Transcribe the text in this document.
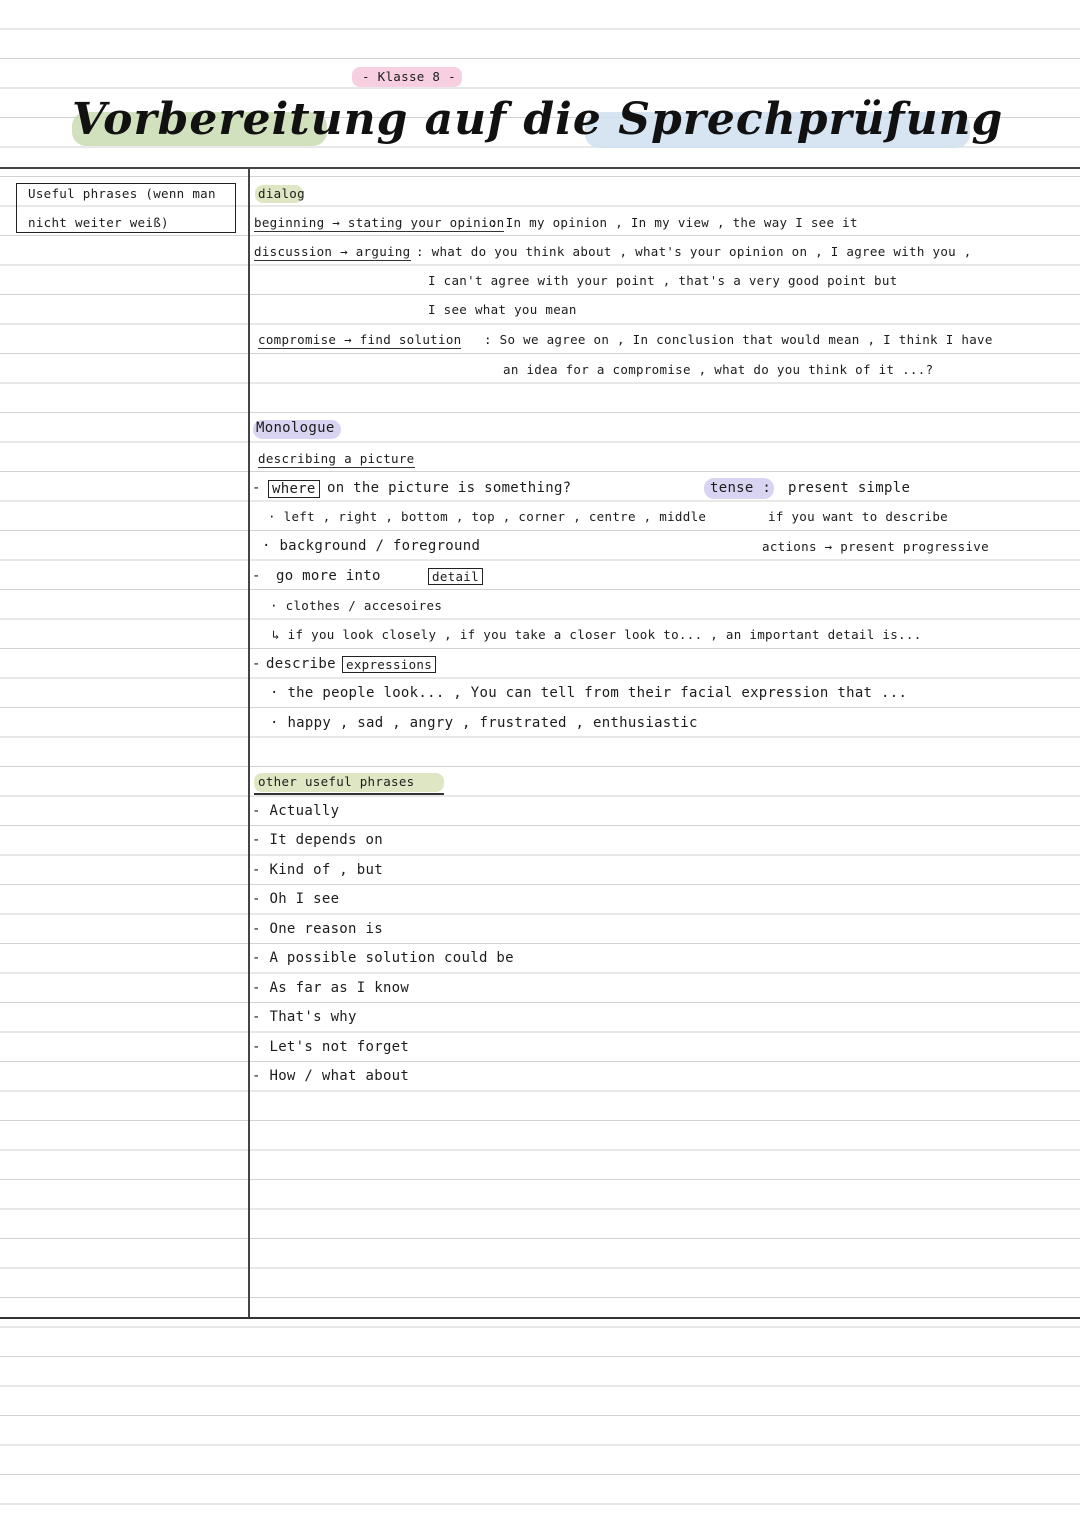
- Klasse 8 -
Vorbereitung auf die Sprechprüfung
Useful phrases (wenn man
nicht weiter weiß)
dialog
beginning → stating your opinion
: In my opinion , In my view , the way I see it
discussion → arguing : what do you think about , what's your opinion on , I agree with you ,
I can't agree with your point , that's a very good point but
I see what you mean
compromise → find solution : So we agree on , In conclusion that would mean , I think I have
an idea for a compromise , what do you think of it ...?
Monologue
describing a picture
- where on the picture is something?
· left , right , bottom , top , corner , centre , middle
· background / foreground
tense : present simple
if you want to describe
actions → present progressive
- go more into	detail
· clothes / accesoires
↳ if you look closely , if you take a closer look to... , an important detail is...
- describe expressions
· the people look... , You can tell from their facial expression that ...
· happy , sad , angry , frustrated , enthusiastic
other useful phrases
- Actually
- It depends on
- Kind of , but
- Oh I see
- One reason is
- A possible solution could be
- As far as I know
- That's why
- Let's not forget
- How / what about
